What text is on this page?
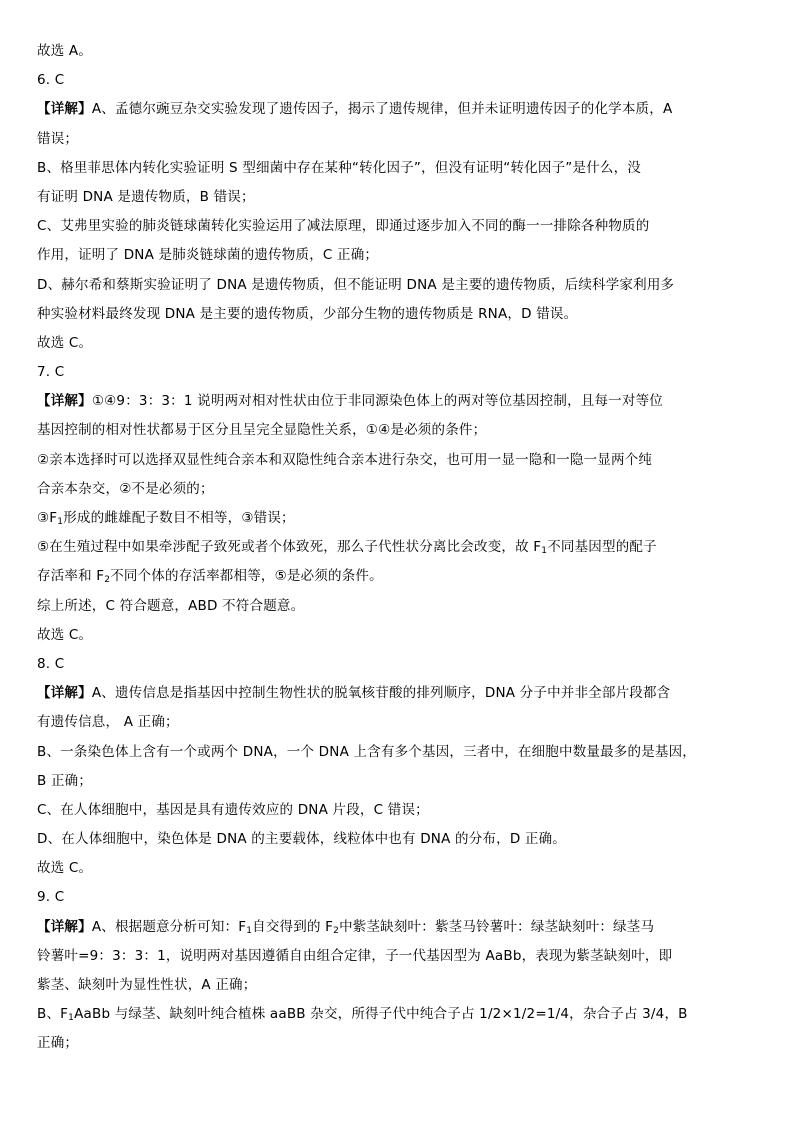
故选 A。
6. C
【详解】A、孟德尔豌豆杂交实验发现了遗传因子，揭示了遗传规律，但并未证明遗传因子的化学本质，A
错误；
B、格里菲思体内转化实验证明 S 型细菌中存在某种“转化因子”，但没有证明“转化因子”是什么，没
有证明 DNA 是遗传物质，B 错误；
C、艾弗里实验的肺炎链球菌转化实验运用了减法原理，即通过逐步加入不同的酶一一排除各种物质的
作用，证明了 DNA 是肺炎链球菌的遗传物质，C 正确；
D、赫尔希和蔡斯实验证明了 DNA 是遗传物质，但不能证明 DNA 是主要的遗传物质，后续科学家利用多
种实验材料最终发现 DNA 是主要的遗传物质，少部分生物的遗传物质是 RNA，D 错误。
故选 C。
7. C
【详解】①④9：3：3：1 说明两对相对性状由位于非同源染色体上的两对等位基因控制，且每一对等位
基因控制的相对性状都易于区分且呈完全显隐性关系，①④是必须的条件；
②亲本选择时可以选择双显性纯合亲本和双隐性纯合亲本进行杂交，也可用一显一隐和一隐一显两个纯
合亲本杂交，②不是必须的；
$③F_1$形成的雌雄配子数目不相等，③错误；
⑤在生殖过程中如果牵涉配子致死或者个体致死，那么子代性状分离比会改变，故 $F_1$不同基因型的配子
存活率和 $F_2$不同个体的存活率都相等，⑤是必须的条件。
综上所述，C 符合题意，ABD 不符合题意。
故选 C。
8. C
【详解】A、遗传信息是指基因中控制生物性状的脱氧核苷酸的排列顺序，DNA 分子中并非全部片段都含
有遗传信息， A 正确；
B、一条染色体上含有一个或两个 DNA，一个 DNA 上含有多个基因，三者中，在细胞中数量最多的是基因，
B 正确；
C、在人体细胞中，基因是具有遗传效应的 DNA 片段，C 错误；
D、在人体细胞中，染色体是 DNA 的主要载体，线粒体中也有 DNA 的分布，D 正确。
故选 C。
9. C
【详解】A、根据题意分析可知：$F_1$自交得到的 $F_2$中紫茎缺刻叶：紫茎马铃薯叶：绿茎缺刻叶：绿茎马
铃薯叶=9：3：3：1，说明两对基因遵循自由组合定律，子一代基因型为 AaBb，表现为紫茎缺刻叶，即
紫茎、缺刻叶为显性性状，A 正确；
B、$F_1AaBb$ 与绿茎、缺刻叶纯合植株 aaBB 杂交，所得子代中纯合子占 1/2×1/2=1/4，杂合子占 3/4，B
正确；
